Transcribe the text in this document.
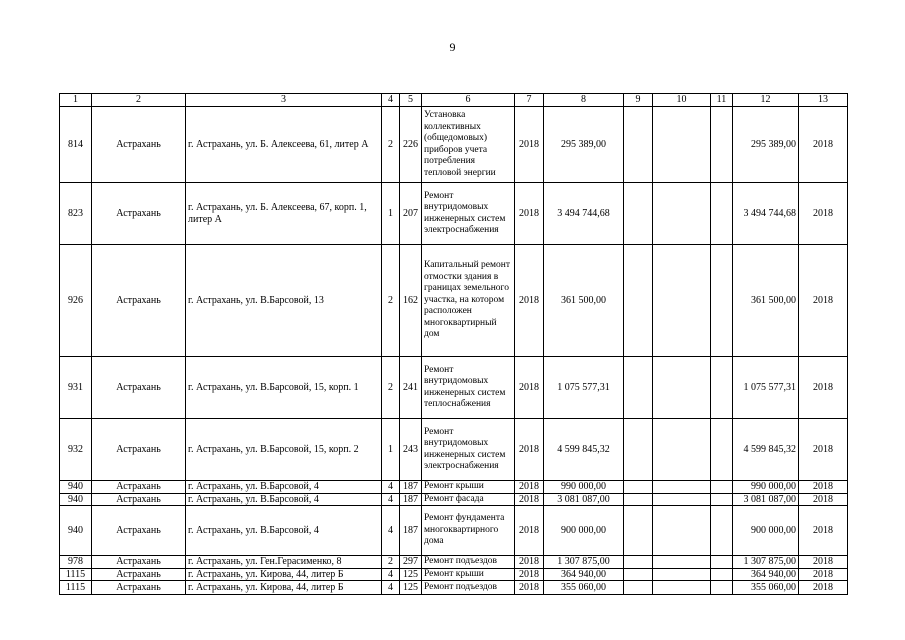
9
1	2	3	4	5	6	7	8	9	10	11	12	13
814	Астрахань	г. Астрахань, ул. Б. Алексеева, 61, литер А	2	226	Установка коллективных (общедомовых) приборов учета потребления тепловой энергии	2018	295 389,00				295 389,00	2018
823	Астрахань	г. Астрахань, ул. Б. Алексеева, 67, корп. 1, литер А	1	207	Ремонт внутридомовых инженерных систем электроснабжения	2018	3 494 744,68				3 494 744,68	2018
926	Астрахань	г. Астрахань, ул. В.Барсовой, 13	2	162	Капитальный ремонт отмостки здания в границах земельного участка, на котором расположен многоквартирный дом	2018	361 500,00				361 500,00	2018
931	Астрахань	г. Астрахань, ул. В.Барсовой, 15, корп. 1	2	241	Ремонт внутридомовых инженерных систем теплоснабжения	2018	1 075 577,31				1 075 577,31	2018
932	Астрахань	г. Астрахань, ул. В.Барсовой, 15, корп. 2	1	243	Ремонт внутридомовых инженерных систем электроснабжения	2018	4 599 845,32				4 599 845,32	2018
940	Астрахань	г. Астрахань, ул. В.Барсовой, 4	4	187	Ремонт крыши	2018	990 000,00				990 000,00	2018
940	Астрахань	г. Астрахань, ул. В.Барсовой, 4	4	187	Ремонт фасада	2018	3 081 087,00				3 081 087,00	2018
940	Астрахань	г. Астрахань, ул. В.Барсовой, 4	4	187	Ремонт фундамента многоквартирного дома	2018	900 000,00				900 000,00	2018
978	Астрахань	г. Астрахань, ул. Ген.Герасименко, 8	2	297	Ремонт подъездов	2018	1 307 875,00				1 307 875,00	2018
1115	Астрахань	г. Астрахань, ул. Кирова, 44, литер Б	4	125	Ремонт крыши	2018	364 940,00				364 940,00	2018
1115	Астрахань	г. Астрахань, ул. Кирова, 44, литер Б	4	125	Ремонт подъездов	2018	355 060,00				355 060,00	2018
